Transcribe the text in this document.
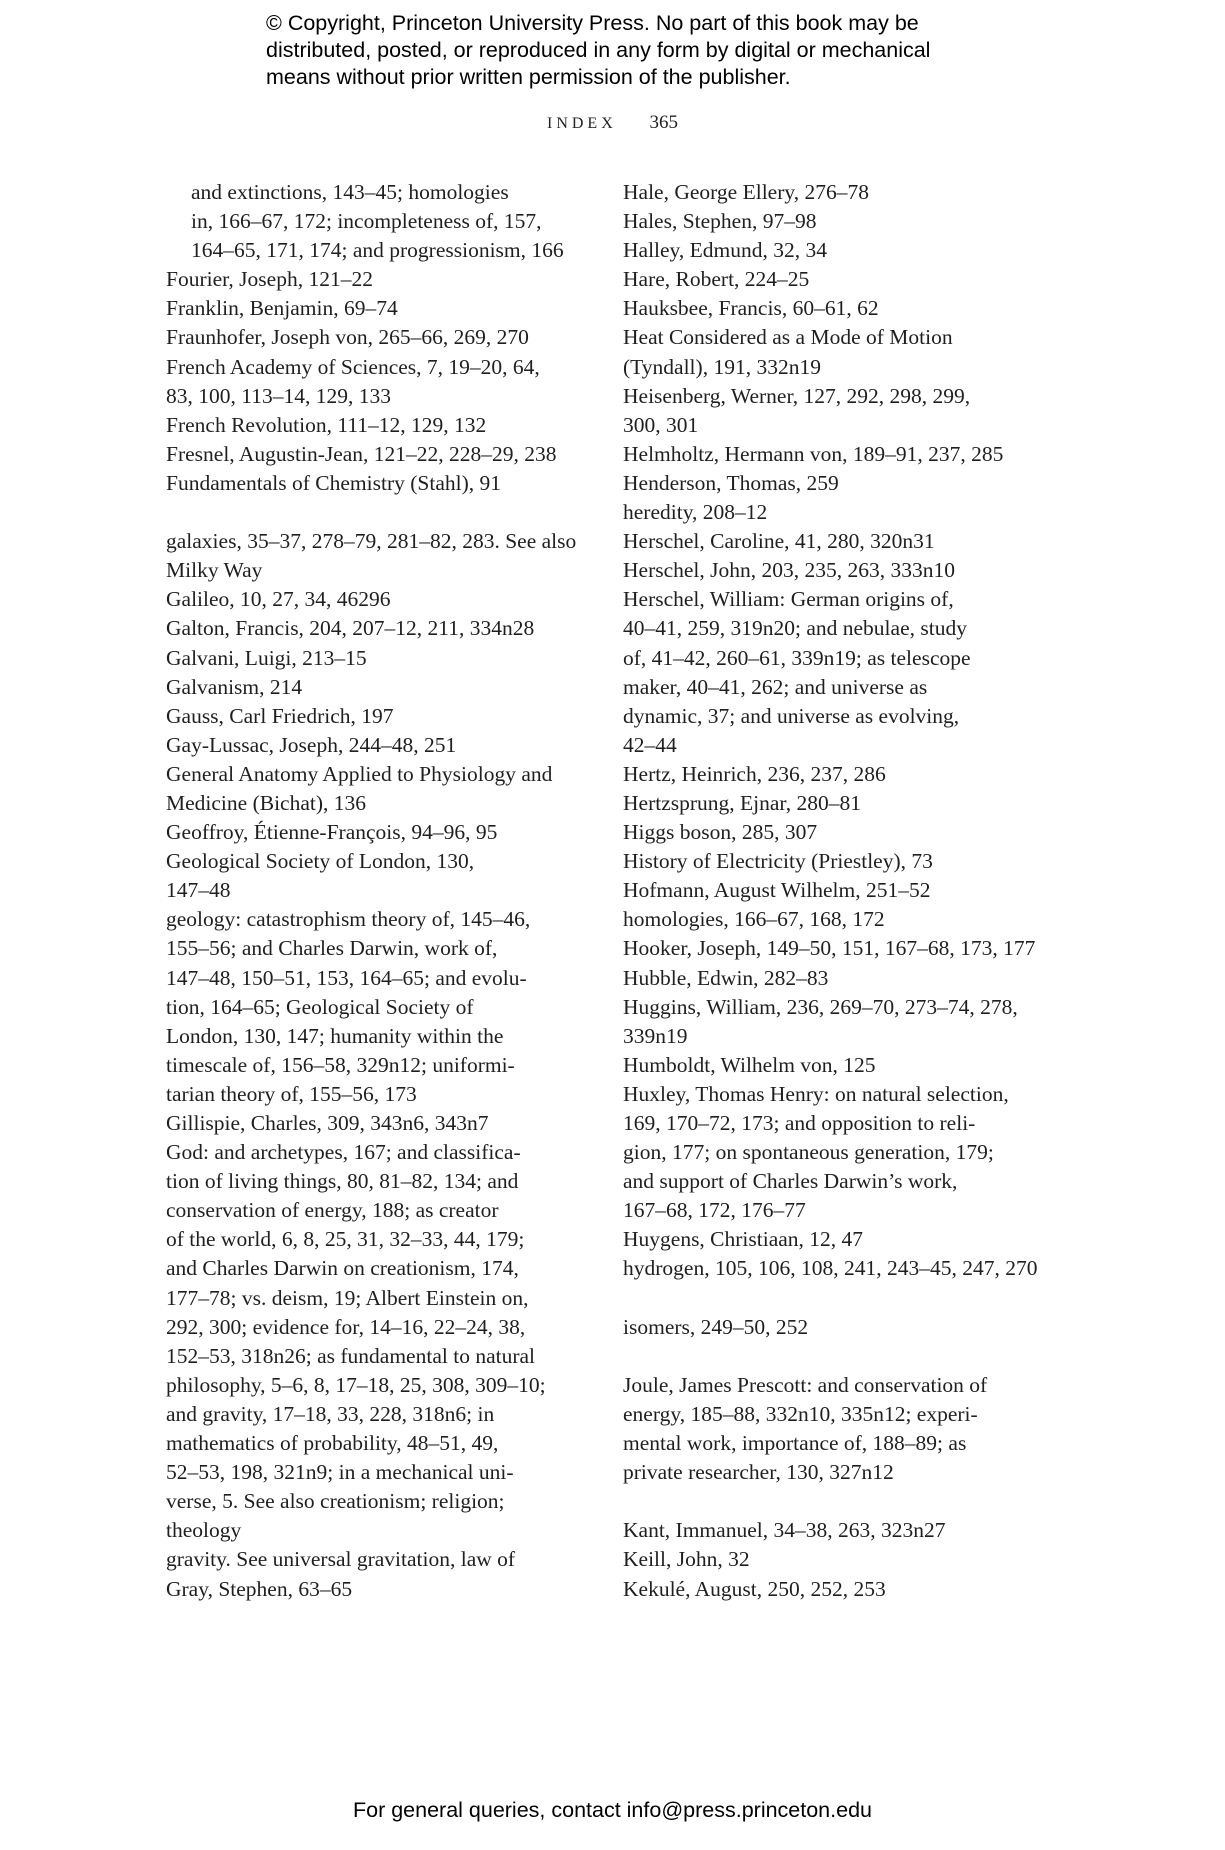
© Copyright, Princeton University Press. No part of this book may be
distributed, posted, or reproduced in any form by digital or mechanical
means without prior written permission of the publisher.
INDEX 365
and extinctions, 143–45; homologies
in, 166–67, 172; incompleteness of, 157,
164–65, 171, 174; and progressionism, 166
Fourier, Joseph, 121–22
Franklin, Benjamin, 69–74
Fraunhofer, Joseph von, 265–66, 269, 270
French Academy of Sciences, 7, 19–20, 64,
83, 100, 113–14, 129, 133
French Revolution, 111–12, 129, 132
Fresnel, Augustin-Jean, 121–22, 228–29, 238
Fundamentals of Chemistry (Stahl), 91
galaxies, 35–37, 278–79, 281–82, 283. See also
Milky Way
Galileo, 10, 27, 34, 46296
Galton, Francis, 204, 207–12, 211, 334n28
Galvani, Luigi, 213–15
Galvanism, 214
Gauss, Carl Friedrich, 197
Gay-Lussac, Joseph, 244–48, 251
General Anatomy Applied to Physiology and
Medicine (Bichat), 136
Geoffroy, Étienne-François, 94–96, 95
Geological Society of London, 130,
147–48
geology: catastrophism theory of, 145–46,
155–56; and Charles Darwin, work of,
147–48, 150–51, 153, 164–65; and evolu-
tion, 164–65; Geological Society of
London, 130, 147; humanity within the
timescale of, 156–58, 329n12; uniformi-
tarian theory of, 155–56, 173
Gillispie, Charles, 309, 343n6, 343n7
God: and archetypes, 167; and classifica-
tion of living things, 80, 81–82, 134; and
conservation of energy, 188; as creator
of the world, 6, 8, 25, 31, 32–33, 44, 179;
and Charles Darwin on creationism, 174,
177–78; vs. deism, 19; Albert Einstein on,
292, 300; evidence for, 14–16, 22–24, 38,
152–53, 318n26; as fundamental to natural
philosophy, 5–6, 8, 17–18, 25, 308, 309–10;
and gravity, 17–18, 33, 228, 318n6; in
mathematics of probability, 48–51, 49,
52–53, 198, 321n9; in a mechanical uni-
verse, 5. See also creationism; religion;
theology
gravity. See universal gravitation, law of
Gray, Stephen, 63–65
Hale, George Ellery, 276–78
Hales, Stephen, 97–98
Halley, Edmund, 32, 34
Hare, Robert, 224–25
Hauksbee, Francis, 60–61, 62
Heat Considered as a Mode of Motion
(Tyndall), 191, 332n19
Heisenberg, Werner, 127, 292, 298, 299,
300, 301
Helmholtz, Hermann von, 189–91, 237, 285
Henderson, Thomas, 259
heredity, 208–12
Herschel, Caroline, 41, 280, 320n31
Herschel, John, 203, 235, 263, 333n10
Herschel, William: German origins of,
40–41, 259, 319n20; and nebulae, study
of, 41–42, 260–61, 339n19; as telescope
maker, 40–41, 262; and universe as
dynamic, 37; and universe as evolving,
42–44
Hertz, Heinrich, 236, 237, 286
Hertzsprung, Ejnar, 280–81
Higgs boson, 285, 307
History of Electricity (Priestley), 73
Hofmann, August Wilhelm, 251–52
homologies, 166–67, 168, 172
Hooker, Joseph, 149–50, 151, 167–68, 173, 177
Hubble, Edwin, 282–83
Huggins, William, 236, 269–70, 273–74, 278,
339n19
Humboldt, Wilhelm von, 125
Huxley, Thomas Henry: on natural selection,
169, 170–72, 173; and opposition to reli-
gion, 177; on spontaneous generation, 179;
and support of Charles Darwin’s work,
167–68, 172, 176–77
Huygens, Christiaan, 12, 47
hydrogen, 105, 106, 108, 241, 243–45, 247, 270
isomers, 249–50, 252
Joule, James Prescott: and conservation of
energy, 185–88, 332n10, 335n12; experi-
mental work, importance of, 188–89; as
private researcher, 130, 327n12
Kant, Immanuel, 34–38, 263, 323n27
Keill, John, 32
Kekulé, August, 250, 252, 253
For general queries, contact info@press.princeton.edu
